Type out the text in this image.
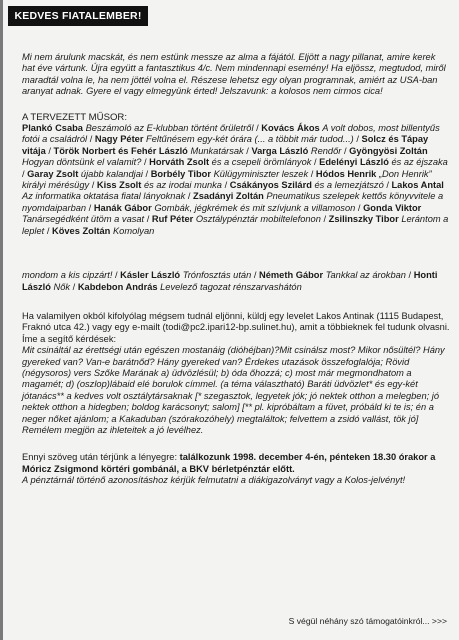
KEDVES FIATALEMBER!

Mi nem árulunk macskát, és nem estünk messze az alma a fájától. Eljött a nagy pillanat, amire kerek hat éve vártunk. Újra együtt a fantasztikus 4/c. Nem mindennapi esemény! Ha eljössz, megtudod, miről maradtál volna le, ha nem jöttél volna el. Részese lehetsz egy olyan programnak, amiért az USA-ban aranyat adnak. Gyere el vagy elmegyünk érted! Jelszavunk: a kolosos nem cirmos cica!

A TERVEZETT MŰSOR:

Plankó Csaba Beszámoló az E-klubban történt őrületről / Kovács Ákos A volt dobos, most billentyűs fotói a családról / Nagy Péter Feltűnésem egy-két órára (... a többit már tudod...) / Solcz és Tápay vitája / Török Norbert és Fehér László Munkatársak / Varga László Rendőr / Gyöngyösi Zoltán Hogyan döntsünk el valamit? / Horváth Zsolt és a csepeli örömlányok / Edelényi László és az éjszaka / Garay Zsolt újabb kalandjai / Borbély Tibor Külügyminiszter leszek / Hódos Henrik „Don Henrik” királyi mérésügy / Kiss Zsolt és az irodai munka / Csákányos Szilárd és a lemezjátszó / Lakos Antal Az informatika oktatása fiatal lányoknak / Zsadányi Zoltán Pneumatikus szelepek kettős könyvvitele a nyomdaiparban / Hanák Gábor Gombák, jégkrémek és mit szívjunk a villamoson / Gonda Viktor Tanársegédként ütöm a vasat / Ruf Péter Osztálypénztár mobiltelefonon / Zsilinszky Tibor Lerántom a leplet / Köves Zoltán Komolyan

mondom a kis cipzárt! / Kásler László Trónfosztás után / Németh Gábor Tankkal az árokban / Honti László Nők / Kabdebon András Levelező tagozat rénszarvashátón

Ha valamilyen okból kifolyólag mégsem tudnál eljönni, küldj egy levelet Lakos Antinak (1115 Budapest, Fraknó utca 42.) vagy egy e-mailt (todi@pc2.ipari12-bp.sulinet.hu), amit a többieknek fel tudunk olvasni. Íme a segítő kérdések:

Mit csináltál az érettségi után egészen mostanáig (dióhéjban)?Mit csinálsz most? Mikor nősültél? Hány gyereked van? Van-e barátnőd? Hány gyereked van? Érdekes utazások összefoglalója; Rövid (négysoros) vers Szőke Marának a) üdvözlésül; b) óda őhozzá; c) most már megmondhatom a magamét; d) (oszlop)lábaid elé borulok címmel. (a téma választható) Baráti üdvözlet* és egy-két jótanács** a kedves volt osztálytársaknak [* szegasztok, legyetek jók; jó nektek otthon a melegben; jó nektek otthon a hidegben; boldog karácsonyt; salom] [** pl. kipróbáltam a füvet, próbáld ki te is; én a neger nőket ajánlom; a Kakaduban (szórakozóhely) megtaláltok; felvettem a zsidó vallást, tök jó] Remélem megjön az ihleteitek a jó levélhez.

Ennyi szöveg után térjünk a lényegre: találkozunk 1998. december 4-én, pénteken 18.30 órakor a Móricz Zsigmond körtéri gombánál, a BKV bérletpénztár előtt.

A pénztárnál történő azonosításhoz kérjük felmutatni a diákigazolványt vagy a Kolos-jelvényt!

S végül néhány szó támogatóinkról... >>>
